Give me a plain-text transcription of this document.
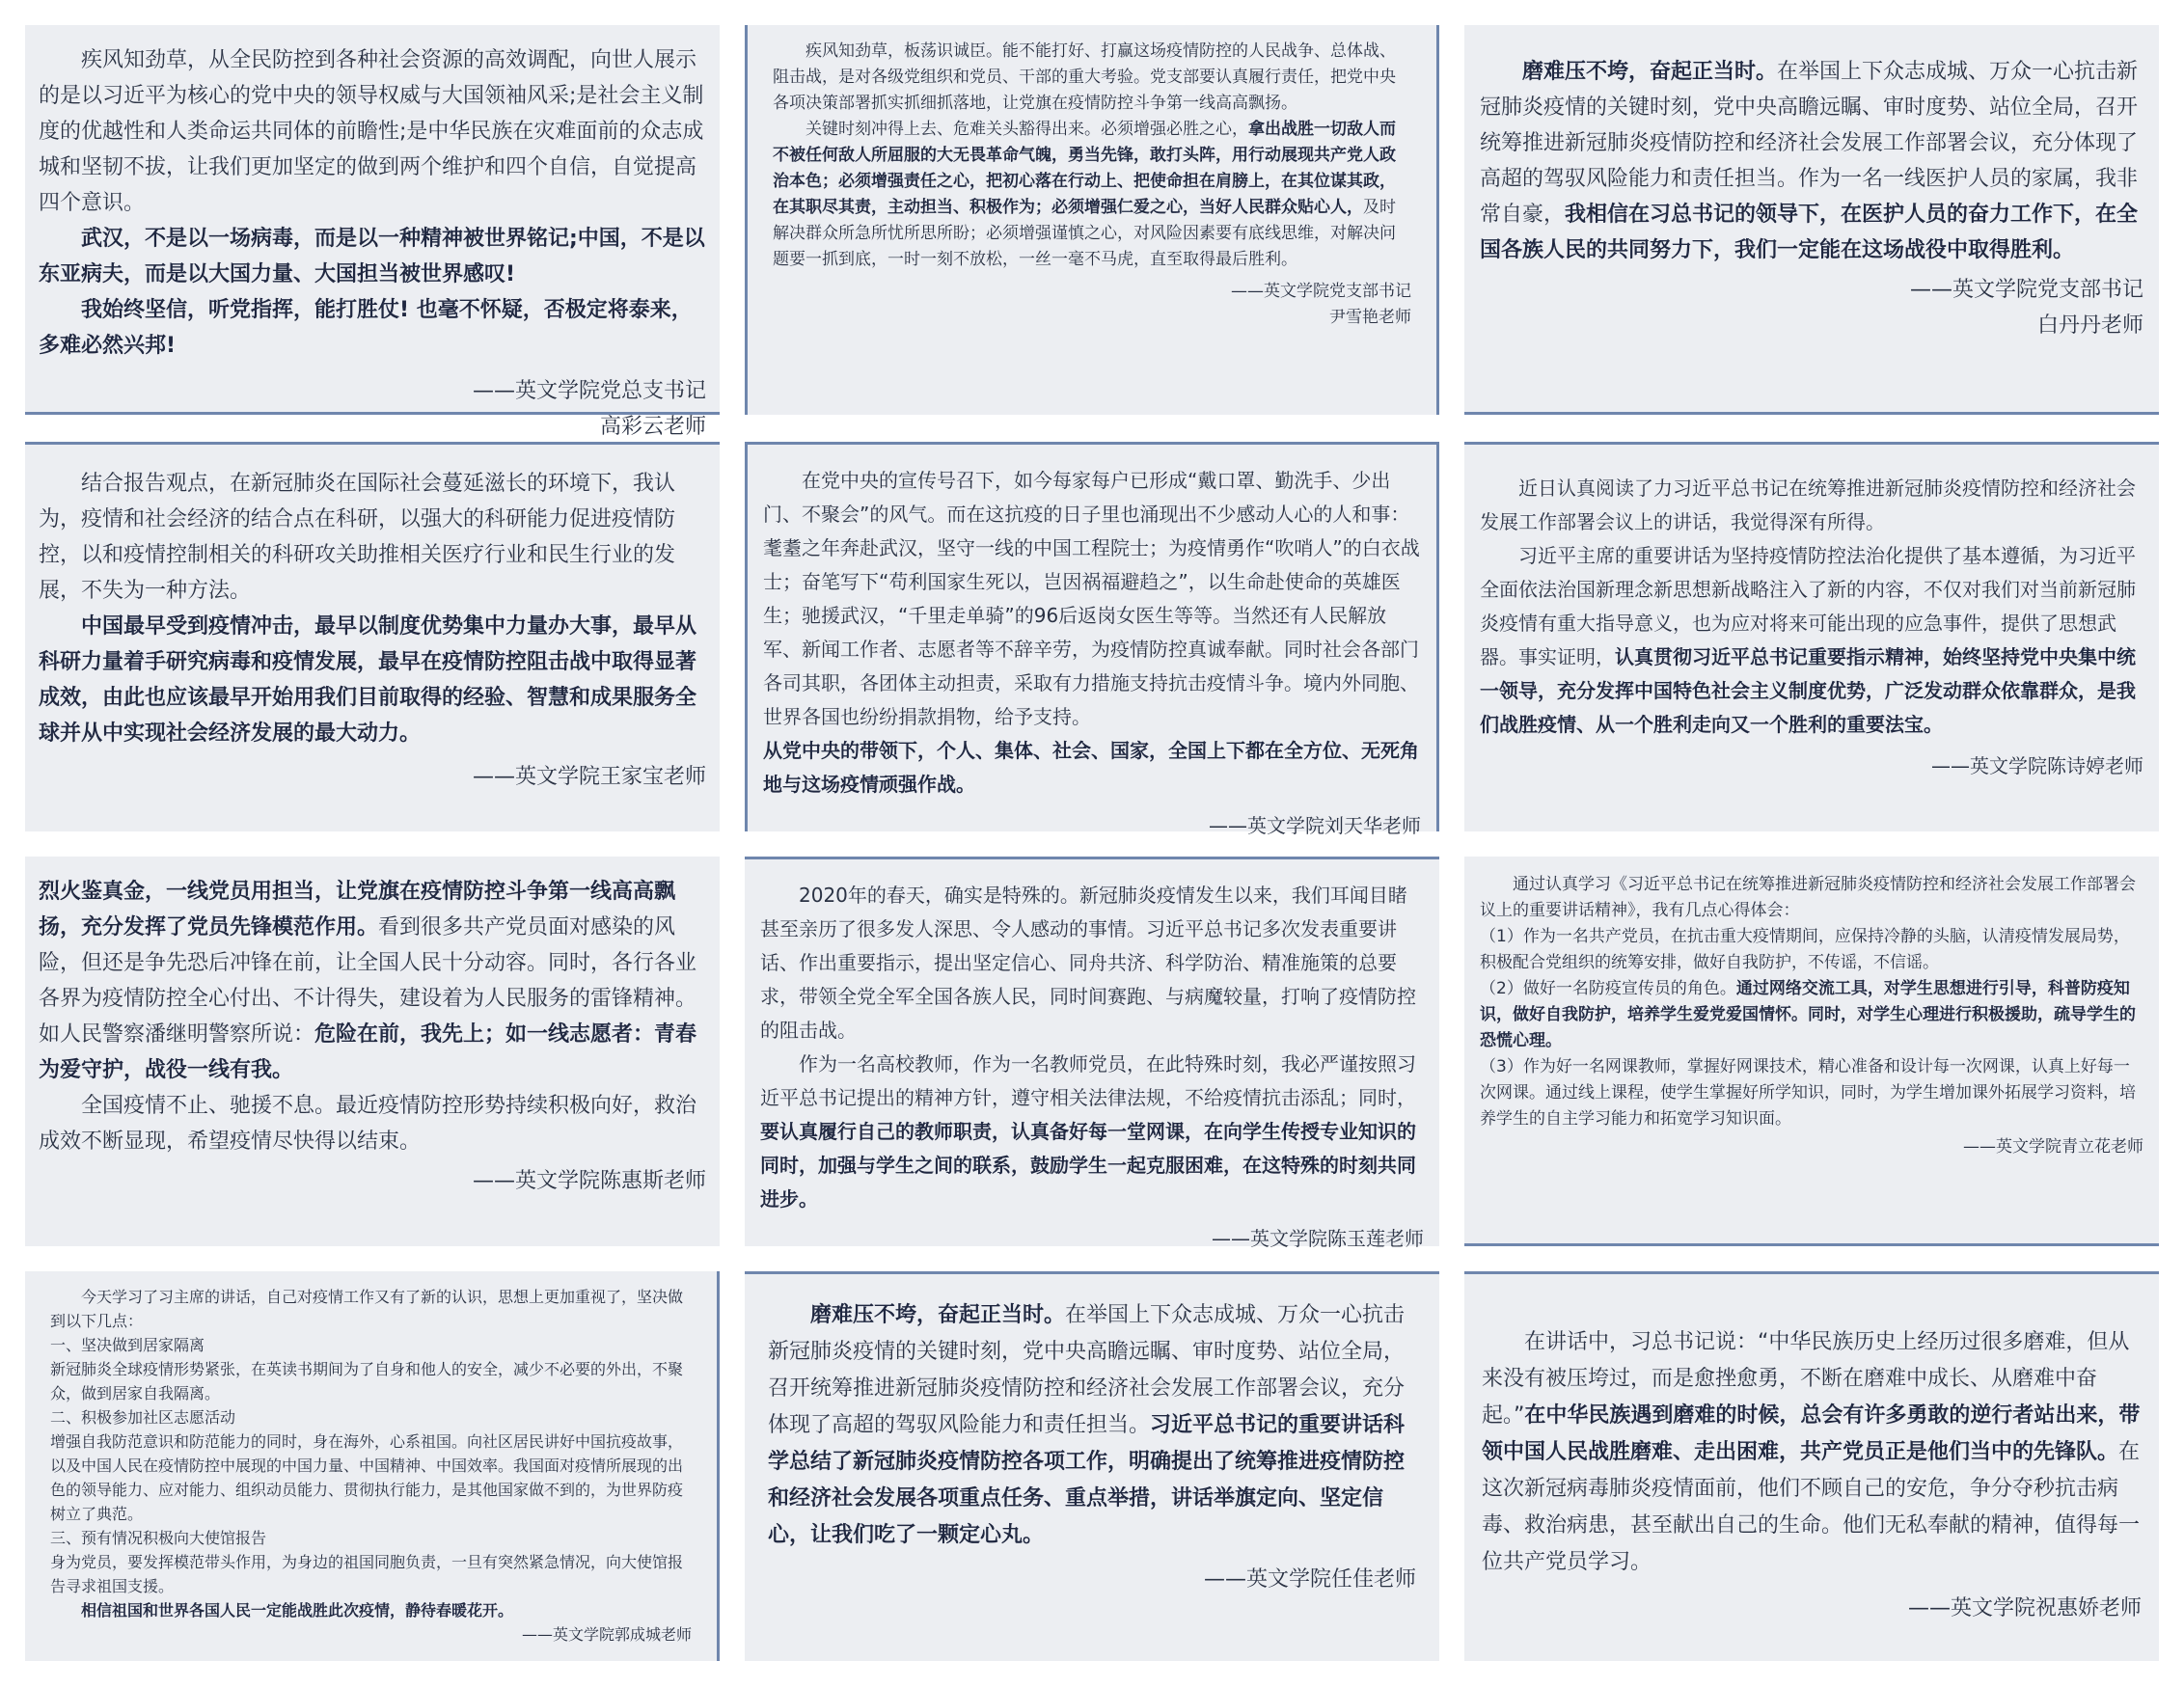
疾风知劲草，从全民防控到各种社会资源的高效调配，向世人展示的是以习近平为核心的党中央的领导权威与大国领袖风采;是社会主义制度的优越性和人类命运共同体的前瞻性;是中华民族在灾难面前的众志成城和坚韧不拔，让我们更加坚定的做到两个维护和四个自信，自觉提高四个意识。

武汉，不是以一场病毒，而是以一种精神被世界铭记;中国，不是以东亚病夫，而是以大国力量、大国担当被世界感叹!

我始终坚信，听党指挥，能打胜仗! 也毫不怀疑，否极定将泰来，多难必然兴邦!

——英文学院党总支书记

高彩云老师

疾风知劲草，板荡识诚臣。能不能打好、打赢这场疫情防控的人民战争、总体战、阻击战，是对各级党组织和党员、干部的重大考验。党支部要认真履行责任，把党中央各项决策部署抓实抓细抓落地，让党旗在疫情防控斗争第一线高高飘扬。

关键时刻冲得上去、危难关头豁得出来。必须增强必胜之心，拿出战胜一切敌人而不被任何敌人所屈服的大无畏革命气魄，勇当先锋，敢打头阵，用行动展现共产党人政治本色；必须增强责任之心，把初心落在行动上、把使命担在肩膀上，在其位谋其政，在其职尽其责，主动担当、积极作为；必须增强仁爱之心，当好人民群众贴心人，及时解决群众所急所忧所思所盼；必须增强谨慎之心，对风险因素要有底线思维，对解决问题要一抓到底，一时一刻不放松，一丝一毫不马虎，直至取得最后胜利。

——英文学院党支部书记

尹雪艳老师

磨难压不垮，奋起正当时。在举国上下众志成城、万众一心抗击新冠肺炎疫情的关键时刻，党中央高瞻远瞩、审时度势、站位全局，召开统筹推进新冠肺炎疫情防控和经济社会发展工作部署会议，充分体现了高超的驾驭风险能力和责任担当。作为一名一线医护人员的家属，我非常自豪，我相信在习总书记的领导下，在医护人员的奋力工作下，在全国各族人民的共同努力下，我们一定能在这场战役中取得胜利。

——英文学院党支部书记

白丹丹老师

结合报告观点，在新冠肺炎在国际社会蔓延滋长的环境下，我认为，疫情和社会经济的结合点在科研，以强大的科研能力促进疫情防控，以和疫情控制相关的科研攻关助推相关医疗行业和民生行业的发展，不失为一种方法。

中国最早受到疫情冲击，最早以制度优势集中力量办大事，最早从科研力量着手研究病毒和疫情发展，最早在疫情防控阻击战中取得显著成效，由此也应该最早开始用我们目前取得的经验、智慧和成果服务全球并从中实现社会经济发展的最大动力。

——英文学院王家宝老师

在党中央的宣传号召下，如今每家每户已形成“戴口罩、勤洗手、少出门、不聚会”的风气。而在这抗疫的日子里也涌现出不少感动人心的人和事：耄耋之年奔赴武汉，坚守一线的中国工程院士；为疫情勇作“吹哨人”的白衣战士；奋笔写下“苟利国家生死以，岂因祸福避趋之”，以生命赴使命的英雄医生；驰援武汉，“千里走单骑”的96后返岗女医生等等。当然还有人民解放军、新闻工作者、志愿者等不辞辛劳，为疫情防控真诚奉献。同时社会各部门各司其职，各团体主动担责，采取有力措施支持抗击疫情斗争。境内外同胞、世界各国也纷纷捐款捐物，给予支持。

从党中央的带领下，个人、集体、社会、国家，全国上下都在全方位、无死角地与这场疫情顽强作战。

——英文学院刘天华老师

近日认真阅读了力习近平总书记在统筹推进新冠肺炎疫情防控和经济社会发展工作部署会议上的讲话，我觉得深有所得。

习近平主席的重要讲话为坚持疫情防控法治化提供了基本遵循，为习近平全面依法治国新理念新思想新战略注入了新的内容，不仅对我们对当前新冠肺炎疫情有重大指导意义，也为应对将来可能出现的应急事件，提供了思想武器。事实证明，认真贯彻习近平总书记重要指示精神，始终坚持党中央集中统一领导，充分发挥中国特色社会主义制度优势，广泛发动群众依靠群众，是我们战胜疫情、从一个胜利走向又一个胜利的重要法宝。

——英文学院陈诗婷老师

烈火鉴真金，一线党员用担当，让党旗在疫情防控斗争第一线高高飘扬，充分发挥了党员先锋模范作用。看到很多共产党员面对感染的风险，但还是争先恐后冲锋在前，让全国人民十分动容。同时，各行各业各界为疫情防控全心付出、不计得失，建设着为人民服务的雷锋精神。如人民警察潘继明警察所说：危险在前，我先上；如一线志愿者：青春为爱守护，战役一线有我。

全国疫情不止、驰援不息。最近疫情防控形势持续积极向好，救治成效不断显现，希望疫情尽快得以结束。

——英文学院陈惠斯老师

2020年的春天，确实是特殊的。新冠肺炎疫情发生以来，我们耳闻目睹甚至亲历了很多发人深思、令人感动的事情。习近平总书记多次发表重要讲话、作出重要指示，提出坚定信心、同舟共济、科学防治、精准施策的总要求，带领全党全军全国各族人民，同时间赛跑、与病魔较量，打响了疫情防控的阻击战。

作为一名高校教师，作为一名教师党员，在此特殊时刻，我必严谨按照习近平总书记提出的精神方针，遵守相关法律法规，不给疫情抗击添乱；同时，要认真履行自己的教师职责，认真备好每一堂网课，在向学生传授专业知识的同时，加强与学生之间的联系，鼓励学生一起克服困难，在这特殊的时刻共同进步。

——英文学院陈玉莲老师

通过认真学习《习近平总书记在统筹推进新冠肺炎疫情防控和经济社会发展工作部署会议上的重要讲话精神》，我有几点心得体会：

（1）作为一名共产党员，在抗击重大疫情期间，应保持冷静的头脑，认清疫情发展局势，积极配合党组织的统筹安排，做好自我防护，不传谣，不信谣。

（2）做好一名防疫宣传员的角色。通过网络交流工具，对学生思想进行引导，科普防疫知识，做好自我防护，培养学生爱党爱国情怀。同时，对学生心理进行积极援助，疏导学生的恐慌心理。

（3）作为好一名网课教师，掌握好网课技术，精心准备和设计每一次网课，认真上好每一次网课。通过线上课程，使学生掌握好所学知识，同时，为学生增加课外拓展学习资料，培养学生的自主学习能力和拓宽学习知识面。

——英文学院青立花老师

今天学习了习主席的讲话，自己对疫情工作又有了新的认识，思想上更加重视了，坚决做到以下几点：

一、坚决做到居家隔离

新冠肺炎全球疫情形势紧张，在英读书期间为了自身和他人的安全，减少不必要的外出，不聚众，做到居家自我隔离。

二、积极参加社区志愿活动

增强自我防范意识和防范能力的同时，身在海外，心系祖国。向社区居民讲好中国抗疫故事，以及中国人民在疫情防控中展现的中国力量、中国精神、中国效率。我国面对疫情所展现的出色的领导能力、应对能力、组织动员能力、贯彻执行能力，是其他国家做不到的，为世界防疫树立了典范。

三、预有情况积极向大使馆报告

身为党员，要发挥模范带头作用，为身边的祖国同胞负责，一旦有突然紧急情况，向大使馆报告寻求祖国支援。

相信祖国和世界各国人民一定能战胜此次疫情，静待春暖花开。

——英文学院郭成城老师

磨难压不垮，奋起正当时。在举国上下众志成城、万众一心抗击新冠肺炎疫情的关键时刻，党中央高瞻远瞩、审时度势、站位全局，召开统筹推进新冠肺炎疫情防控和经济社会发展工作部署会议，充分体现了高超的驾驭风险能力和责任担当。习近平总书记的重要讲话科学总结了新冠肺炎疫情防控各项工作，明确提出了统筹推进疫情防控和经济社会发展各项重点任务、重点举措，讲话举旗定向、坚定信心，让我们吃了一颗定心丸。

——英文学院任佳老师

在讲话中，习总书记说：“中华民族历史上经历过很多磨难，但从来没有被压垮过，而是愈挫愈勇，不断在磨难中成长、从磨难中奋起。”在中华民族遇到磨难的时候，总会有许多勇敢的逆行者站出来，带领中国人民战胜磨难、走出困难，共产党员正是他们当中的先锋队。在这次新冠病毒肺炎疫情面前，他们不顾自己的安危，争分夺秒抗击病毒、救治病患，甚至献出自己的生命。他们无私奉献的精神，值得每一位共产党员学习。

——英文学院祝惠娇老师
